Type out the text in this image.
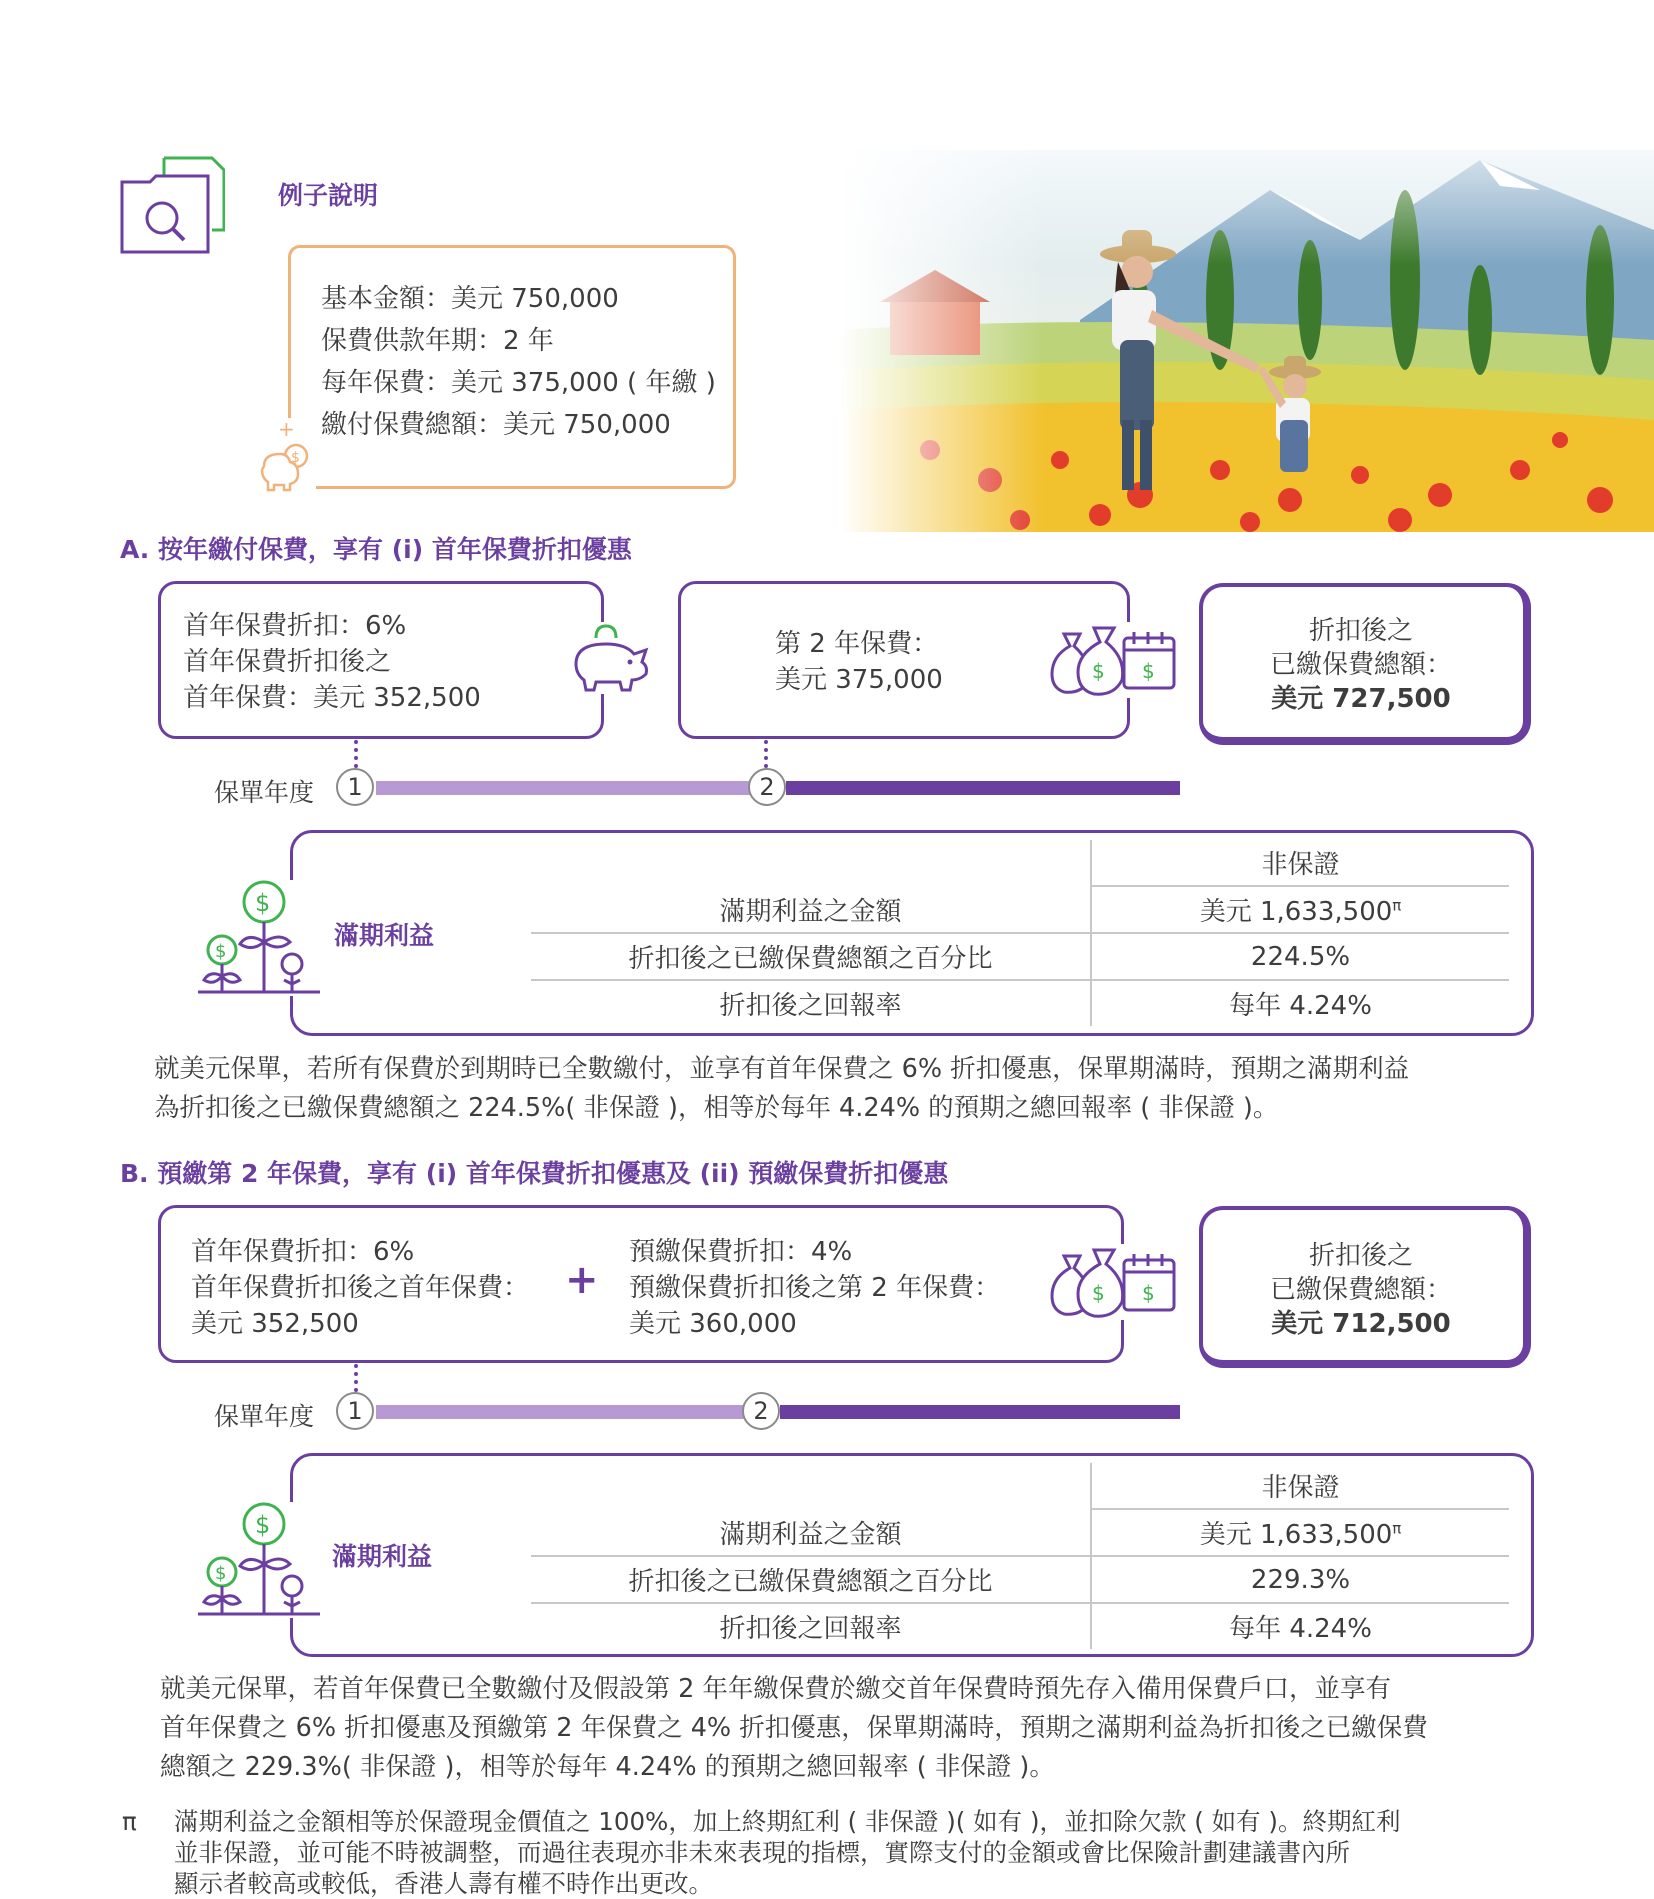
例子說明
基本金額：美元 750,000
保費供款年期：2 年
每年保費：美元 375,000 ( 年繳 )
繳付保費總額：美元 750,000
+
$
A. 按年繳付保費，享有 (i) 首年保費折扣優惠
首年保費折扣：6%
首年保費折扣後之
首年保費：美元 352,500
第 2 年保費：
美元 375,000	$
$
折扣後之
已繳保費總額：
美元 727,500
保單年度	1	2
$
$
滿期利益
	非保證
滿期利益之金額	美元 $1,633,500^\pi$
折扣後之已繳保費總額之百分比	224.5%
折扣後之回報率	每年 4.24%
就美元保單，若所有保費於到期時已全數繳付，並享有首年保費之 6% 折扣優惠，保單期滿時，預期之滿期利益
為折扣後之已繳保費總額之 224.5%( 非保證 )，相等於每年 4.24% 的預期之總回報率 ( 非保證 )。
B. 預繳第 2 年保費，享有 (i) 首年保費折扣優惠及 (ii) 預繳保費折扣優惠
首年保費折扣：6%
首年保費折扣後之首年保費：
美元 352,500
+
預繳保費折扣：4%
預繳保費折扣後之第 2 年保費：
美元 360,000
$
$
折扣後之
已繳保費總額：
美元 712,500
保單年度	1	2
$
$
滿期利益
	非保證
滿期利益之金額	美元 $1,633,500^\pi$
折扣後之已繳保費總額之百分比	229.3%
折扣後之回報率	每年 4.24%
就美元保單，若首年保費已全數繳付及假設第 2 年年繳保費於繳交首年保費時預先存入備用保費戶口，並享有
首年保費之 6% 折扣優惠及預繳第 2 年保費之 4% 折扣優惠，保單期滿時，預期之滿期利益為折扣後之已繳保費
總額之 229.3%( 非保證 )，相等於每年 4.24% 的預期之總回報率 ( 非保證 )。
π 滿期利益之金額相等於保證現金價值之 100%，加上終期紅利 ( 非保證 )( 如有 )，並扣除欠款 ( 如有 )。終期紅利
並非保證，並可能不時被調整，而過往表現亦非未來表現的指標，實際支付的金額或會比保險計劃建議書內所
顯示者較高或較低，香港人壽有權不時作出更改。
